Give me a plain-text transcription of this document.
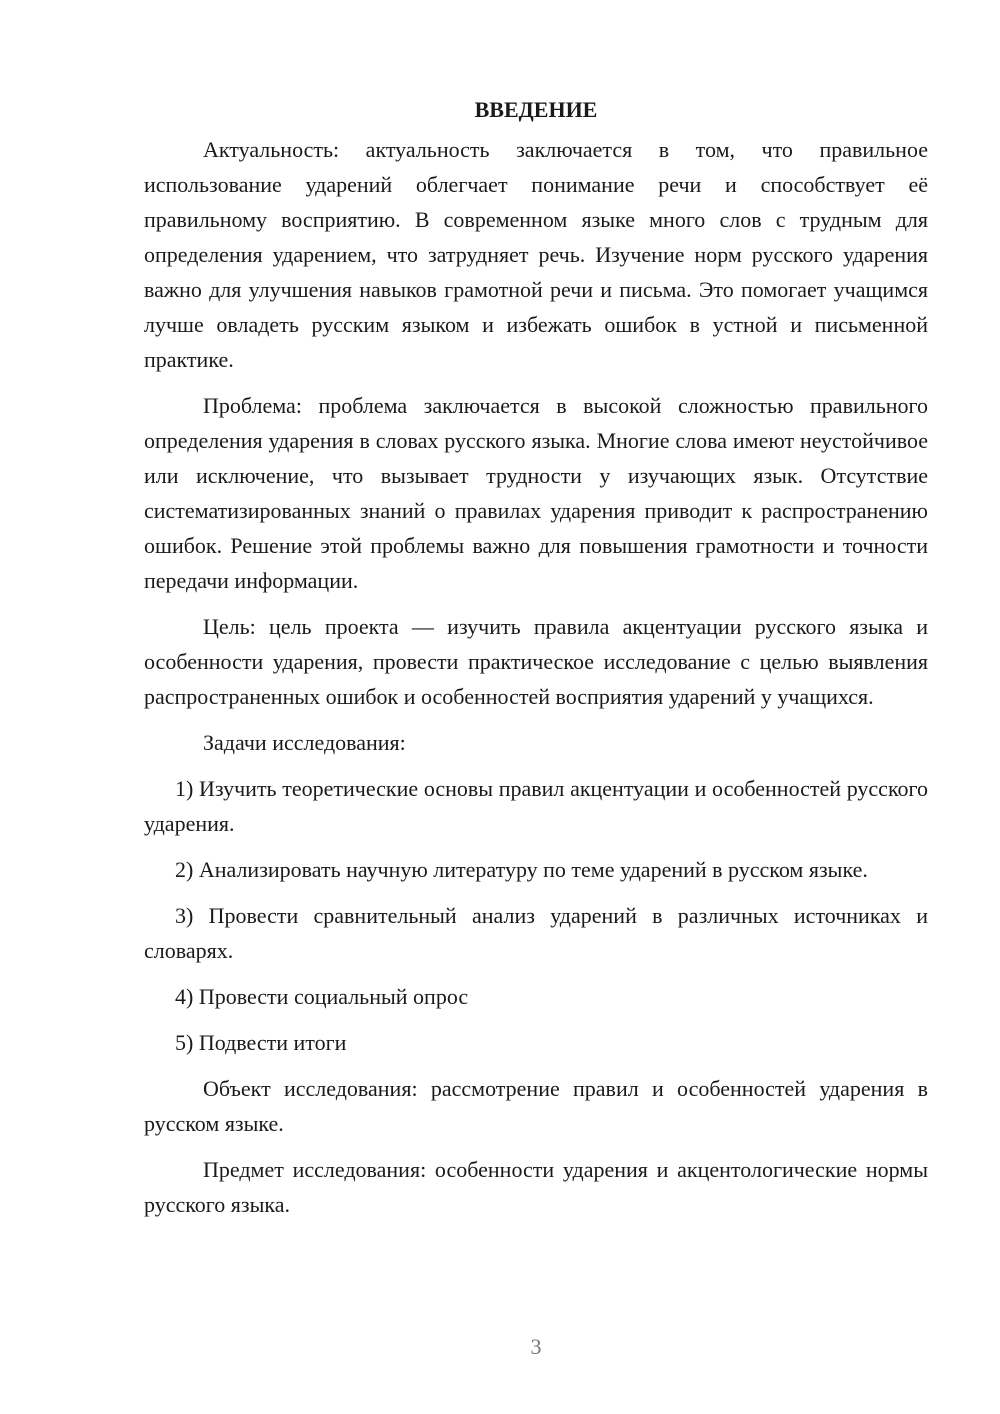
ВВЕДЕНИЕ

Актуальность: актуальность заключается в том, что правильное использование ударений облегчает понимание речи и способствует её правильному восприятию. В современном языке много слов с трудным для определения ударением, что затрудняет речь. Изучение норм русского ударения важно для улучшения навыков грамотной речи и письма. Это помогает учащимся лучше овладеть русским языком и избежать ошибок в устной и письменной практике.

Проблема: проблема заключается в высокой сложностью правильного определения ударения в словах русского языка. Многие слова имеют неустойчивое или исключение, что вызывает трудности у изучающих язык. Отсутствие систематизированных знаний о правилах ударения приводит к распространению ошибок. Решение этой проблемы важно для повышения грамотности и точности передачи информации.

Цель: цель проекта — изучить правила акцентуации русского языка и особенности ударения, провести практическое исследование с целью выявления распространенных ошибок и особенностей восприятия ударений у учащихся.

Задачи исследования:

1) Изучить теоретические основы правил акцентуации и особенностей русского ударения.

2) Анализировать научную литературу по теме ударений в русском языке.

3) Провести сравнительный анализ ударений в различных источниках и словарях.

4) Провести социальный опрос

5) Подвести итоги

Объект исследования: рассмотрение правил и особенностей ударения в русском языке.

Предмет исследования: особенности ударения и акцентологические нормы русского языка.

3
